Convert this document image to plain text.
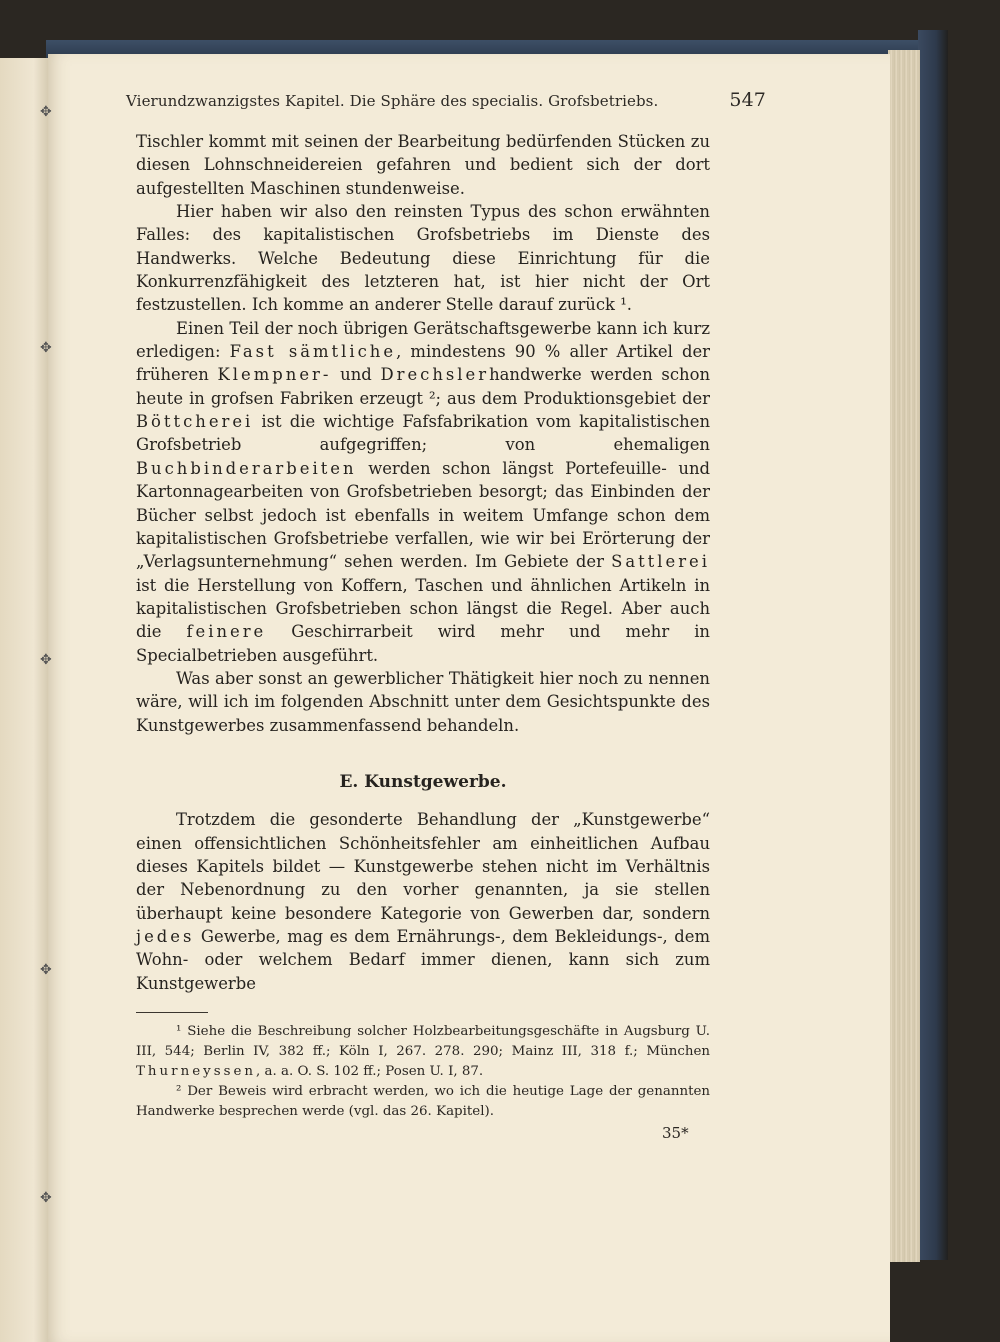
✥
✥
✥
✥
✥
Vierundzwanzigstes Kapitel. Die Sphäre des specialis. Grofsbetriebs.	547

Tischler kommt mit seinen der Bearbeitung bedürfenden Stücken zu diesen Lohnschneidereien gefahren und bedient sich der dort aufgestellten Maschinen stundenweise.

Hier haben wir also den reinsten Typus des schon erwähnten Falles: des kapitalistischen Grofsbetriebs im Dienste des Handwerks. Welche Bedeutung diese Einrichtung für die Konkurrenzfähigkeit des letzteren hat, ist hier nicht der Ort festzustellen. Ich komme an anderer Stelle darauf zurück ¹.

Einen Teil der noch übrigen Gerätschaftsgewerbe kann ich kurz erledigen: Fast sämtliche, mindestens 90 % aller Artikel der früheren Klempner- und Drechslerhandwerke werden schon heute in grofsen Fabriken erzeugt ²; aus dem Produktionsgebiet der Böttcherei ist die wichtige Fafsfabrikation vom kapitalistischen Grofsbetrieb aufgegriffen; von ehemaligen Buchbinderarbeiten werden schon längst Portefeuille- und Kartonnagearbeiten von Grofsbetrieben besorgt; das Einbinden der Bücher selbst jedoch ist ebenfalls in weitem Umfange schon dem kapitalistischen Grofsbetriebe verfallen, wie wir bei Erörterung der „Verlagsunternehmung“ sehen werden. Im Gebiete der Sattlerei ist die Herstellung von Koffern, Taschen und ähnlichen Artikeln in kapitalistischen Grofsbetrieben schon längst die Regel. Aber auch die feinere Geschirrarbeit wird mehr und mehr in Specialbetrieben ausgeführt.

Was aber sonst an gewerblicher Thätigkeit hier noch zu nennen wäre, will ich im folgenden Abschnitt unter dem Gesichtspunkte des Kunstgewerbes zusammenfassend behandeln.

E. Kunstgewerbe.

Trotzdem die gesonderte Behandlung der „Kunstgewerbe“ einen offensichtlichen Schönheitsfehler am einheitlichen Aufbau dieses Kapitels bildet — Kunstgewerbe stehen nicht im Verhältnis der Nebenordnung zu den vorher genannten, ja sie stellen überhaupt keine besondere Kategorie von Gewerben dar, sondern jedes Gewerbe, mag es dem Ernährungs-, dem Bekleidungs-, dem Wohn- oder welchem Bedarf immer dienen, kann sich zum Kunstgewerbe

¹ Siehe die Beschreibung solcher Holzbearbeitungsgeschäfte in Augsburg U. III, 544; Berlin IV, 382 ff.; Köln I, 267. 278. 290; Mainz III, 318 f.; München Thurneyssen, a. a. O. S. 102 ff.; Posen U. I, 87.

² Der Beweis wird erbracht werden, wo ich die heutige Lage der genannten Handwerke besprechen werde (vgl. das 26. Kapitel).

35*
